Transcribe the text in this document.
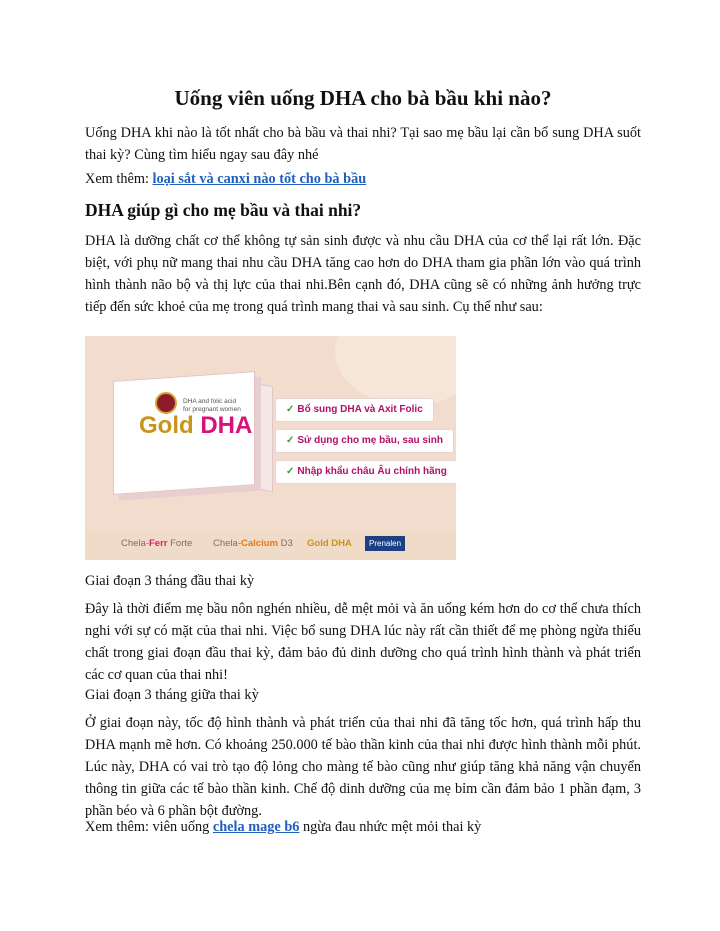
Uống viên uống DHA cho bà bầu khi nào?

Uống DHA khi nào là tốt nhất cho bà bầu và thai nhi? Tại sao mẹ bầu lại cần bổ sung DHA suốt thai kỳ? Cùng tìm hiểu ngay sau đây nhé

Xem thêm: loại sắt và canxi nào tốt cho bà bầu

DHA giúp gì cho mẹ bầu và thai nhi?

DHA là dưỡng chất cơ thể không tự sản sinh được và nhu cầu DHA của cơ thể lại rất lớn. Đặc biệt, với phụ nữ mang thai nhu cầu DHA tăng cao hơn do DHA tham gia phần lớn vào quá trình hình thành não bộ và thị lực của thai nhi.Bên cạnh đó, DHA cũng sẽ có những ảnh hưởng trực tiếp đến sức khoẻ của mẹ trong quá trình mang thai và sau sinh. Cụ thể như sau:

DHA and folic acid for pregnant women
Gold DHA
✓ Bổ sung DHA và Axit Folic
✓ Sử dụng cho mẹ bầu, sau sinh
✓ Nhập khẩu châu Âu chính hãng
Chela-Ferr Forte Chela-Calcium D3 Gold DHA	Prenalen

Giai đoạn 3 tháng đầu thai kỳ

Đây là thời điểm mẹ bầu nôn nghén nhiều, dễ mệt mỏi và ăn uống kém hơn do cơ thể chưa thích nghi với sự có mặt của thai nhi. Việc bổ sung DHA lúc này rất cần thiết để mẹ phòng ngừa thiếu chất trong giai đoạn đầu thai kỳ, đảm bảo đủ dinh dưỡng cho quá trình hình thành và phát triển các cơ quan của thai nhi!

Giai đoạn 3 tháng giữa thai kỳ

Ở giai đoạn này, tốc độ hình thành và phát triển của thai nhi đã tăng tốc hơn, quá trình hấp thu DHA mạnh mẽ hơn. Có khoảng 250.000 tế bào thần kinh của thai nhi được hình thành mỗi phút. Lúc này, DHA có vai trò tạo độ lỏng cho màng tế bào cũng như giúp tăng khả năng vận chuyển thông tin giữa các tế bào thần kinh. Chế độ dinh dưỡng của mẹ bỉm cần đảm bảo 1 phần đạm, 3 phần béo và 6 phần bột đường.

Xem thêm: viên uống chela mage b6 ngừa đau nhức mệt mỏi thai kỳ
